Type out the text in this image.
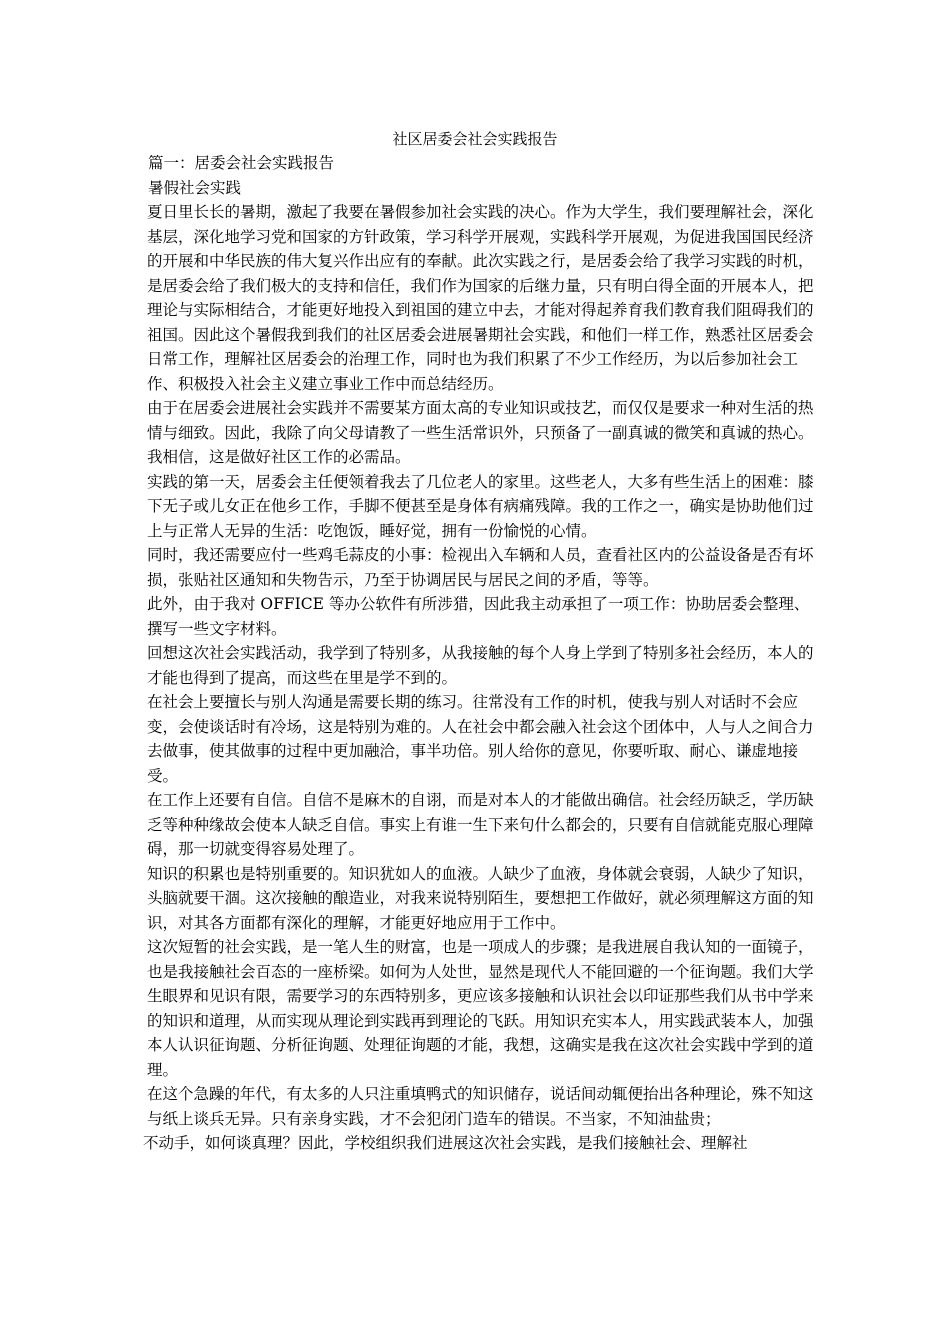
社区居委会社会实践报告

篇一：居委会社会实践报告

暑假社会实践

夏日里长长的暑期，激起了我要在暑假参加社会实践的决心。作为大学生，我们要理解社会，深化基层，深化地学习党和国家的方针政策，学习科学开展观，实践科学开展观，为促进我国国民经济的开展和中华民族的伟大复兴作出应有的奉献。此次实践之行，是居委会给了我学习实践的时机，是居委会给了我们极大的支持和信任，我们作为国家的后继力量，只有明白得全面的开展本人，把理论与实际相结合，才能更好地投入到祖国的建立中去，才能对得起养育我们教育我们阻碍我们的祖国。因此这个暑假我到我们的社区居委会进展暑期社会实践，和他们一样工作，熟悉社区居委会日常工作，理解社区居委会的治理工作，同时也为我们积累了不少工作经历，为以后参加社会工作、积极投入社会主义建立事业工作中而总结经历。

由于在居委会进展社会实践并不需要某方面太高的专业知识或技艺，而仅仅是要求一种对生活的热情与细致。因此，我除了向父母请教了一些生活常识外，只预备了一副真诚的微笑和真诚的热心。我相信，这是做好社区工作的必需品。

实践的第一天，居委会主任便领着我去了几位老人的家里。这些老人，大多有些生活上的困难：膝下无子或儿女正在他乡工作，手脚不便甚至是身体有病痛残障。我的工作之一，确实是协助他们过上与正常人无异的生活：吃饱饭，睡好觉，拥有一份愉悦的心情。

同时，我还需要应付一些鸡毛蒜皮的小事：检视出入车辆和人员，查看社区内的公益设备是否有坏损，张贴社区通知和失物告示，乃至于协调居民与居民之间的矛盾，等等。

此外，由于我对 OFFICE 等办公软件有所涉猎，因此我主动承担了一项工作：协助居委会整理、撰写一些文字材料。

回想这次社会实践活动，我学到了特别多，从我接触的每个人身上学到了特别多社会经历，本人的才能也得到了提高，而这些在里是学不到的。

在社会上要擅长与别人沟通是需要长期的练习。往常没有工作的时机，使我与别人对话时不会应变，会使谈话时有冷场，这是特别为难的。人在社会中都会融入社会这个团体中，人与人之间合力去做事，使其做事的过程中更加融洽，事半功倍。别人给你的意见，你要听取、耐心、谦虚地接受。

在工作上还要有自信。自信不是麻木的自诩，而是对本人的才能做出确信。社会经历缺乏，学历缺乏等种种缘故会使本人缺乏自信。事实上有谁一生下来句什么都会的，只要有自信就能克服心理障碍，那一切就变得容易处理了。

知识的积累也是特别重要的。知识犹如人的血液。人缺少了血液，身体就会衰弱，人缺少了知识，头脑就要干涸。这次接触的酿造业，对我来说特别陌生，要想把工作做好，就必须理解这方面的知识，对其各方面都有深化的理解，才能更好地应用于工作中。

这次短暂的社会实践，是一笔人生的财富，也是一项成人的步骤；是我进展自我认知的一面镜子，也是我接触社会百态的一座桥梁。如何为人处世，显然是现代人不能回避的一个征询题。我们大学生眼界和见识有限，需要学习的东西特别多，更应该多接触和认识社会以印证那些我们从书中学来的知识和道理，从而实现从理论到实践再到理论的飞跃。用知识充实本人，用实践武装本人，加强本人认识征询题、分析征询题、处理征询题的才能，我想，这确实是我在这次社会实践中学到的道理。

在这个急躁的年代，有太多的人只注重填鸭式的知识储存，说话间动辄便抬出各种理论，殊不知这与纸上谈兵无异。只有亲身实践，才不会犯闭门造车的错误。不当家，不知油盐贵；

不动手，如何谈真理？因此，学校组织我们进展这次社会实践，是我们接触社会、理解社
